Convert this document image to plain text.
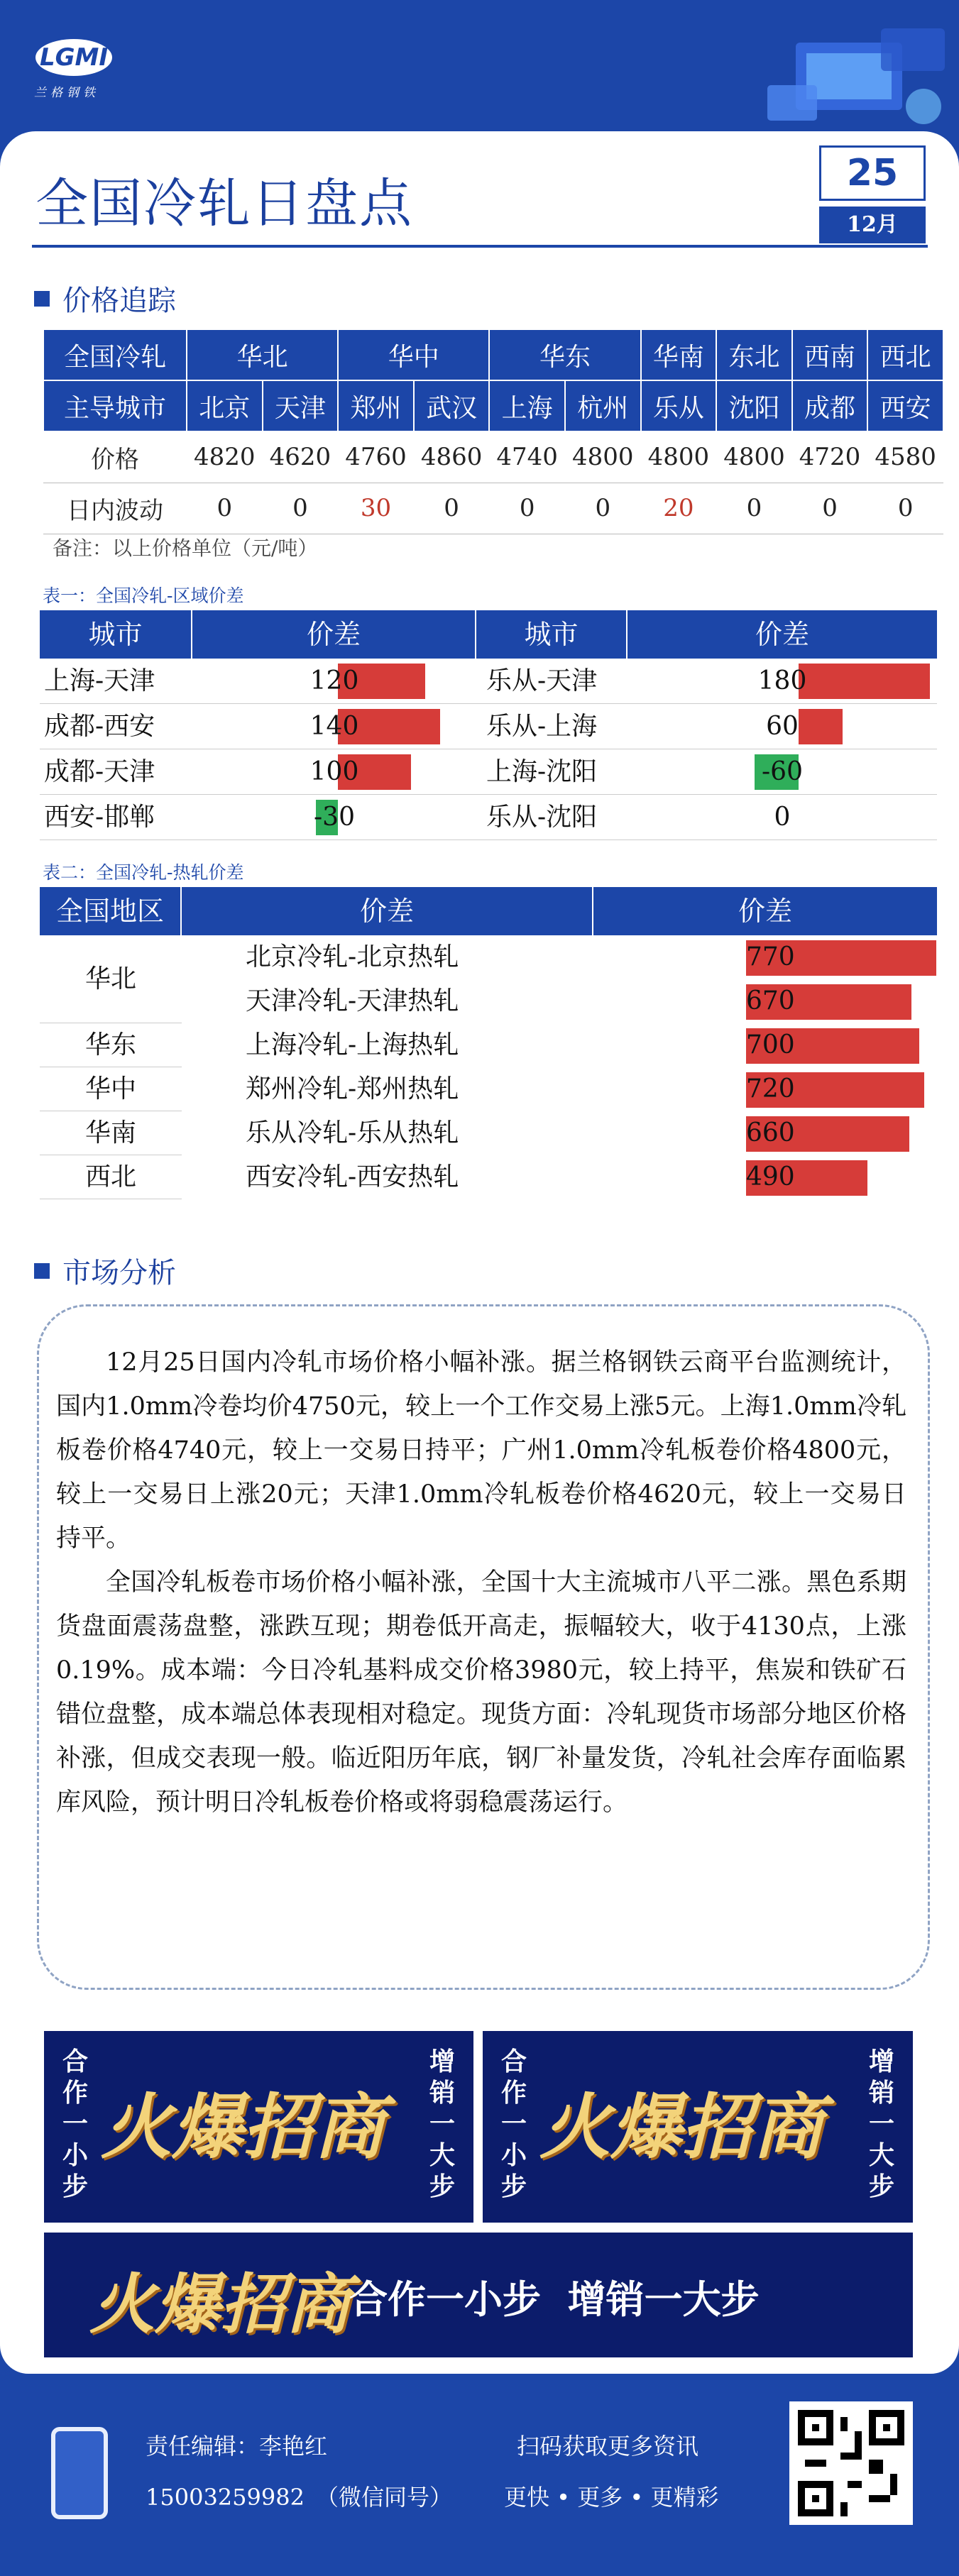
LGMI
兰格钢铁
全国冷轧日盘点	25
12月
价格追踪
全国冷轧	华北		华中		华东		华南	东北	西南	西北
主导城市	北京	天津	郑州	武汉	上海	杭州	乐从	沈阳	成都	西安
价格	4820	4620	4760	4860	4740	4800	4800	4800	4720	4580
日内波动	0	0	30	0	0	0	20	0	0	0
备注：以上价格单位（元/吨）
表一：全国冷轧-区域价差
城市	价差	城市	价差
上海-天津	120	乐从-天津	180
成都-西安	140	乐从-上海	60
成都-天津	100	上海-沈阳	-60
西安-邯郸	-30	乐从-沈阳	0
表二：全国冷轧-热轧价差
全国地区	价差	价差
华北
北京冷轧-北京热轧	770
天津冷轧-天津热轧	670
华东	上海冷轧-上海热轧	700
华中	郑州冷轧-郑州热轧	720
华南	乐从冷轧-乐从热轧	660
西北	西安冷轧-西安热轧	490
市场分析

12月25日国内冷轧市场价格小幅补涨。据兰格钢铁云商平台监测统计，国内1.0mm冷卷均价4750元，较上一个工作交易上涨5元。上海1.0mm冷轧板卷价格4740元，较上一交易日持平；广州1.0mm冷轧板卷价格4800元，较上一交易日上涨20元；天津1.0mm冷轧板卷价格4620元，较上一交易日持平。

全国冷轧板卷市场价格小幅补涨，全国十大主流城市八平二涨。黑色系期货盘面震荡盘整，涨跌互现；期卷低开高走，振幅较大，收于4130点，上涨0.19%。成本端：今日冷轧基料成交价格3980元，较上持平，焦炭和铁矿石错位盘整，成本端总体表现相对稳定。现货方面：冷轧现货市场部分地区价格补涨，但成交表现一般。临近阳历年底，钢厂补量发货，冷轧社会库存面临累库风险，预计明日冷轧板卷价格或将弱稳震荡运行。

合作一小步
火爆招商
增销一大步
合作一小步
火爆招商
增销一大步
火爆招商
合作一小步  增销一大步
责任编辑：李艳红
15003259982　（微信同号）
扫码获取更多资讯
更快 • 更多 • 更精彩
